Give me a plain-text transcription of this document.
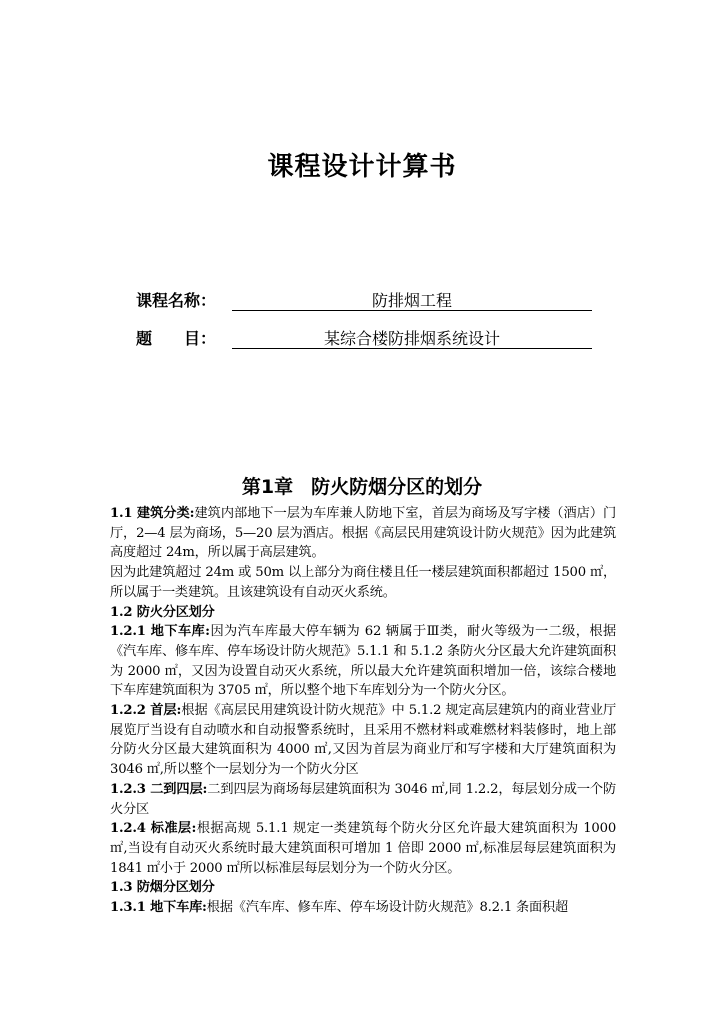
课程设计计算书
课程名称：	防排烟工程
题　　目：	某综合楼防排烟系统设计
第1章 防火防烟分区的划分

1.1 建筑分类:建筑内部地下一层为车库兼人防地下室，首层为商场及写字楼（酒店）门厅，2—4 层为商场，5—20 层为酒店。根据《高层民用建筑设计防火规范》因为此建筑高度超过 24m，所以属于高层建筑。

因为此建筑超过 24m 或 50m 以上部分为商住楼且任一楼层建筑面积都超过 1500 ㎡，所以属于一类建筑。且该建筑设有自动灭火系统。

1.2 防火分区划分

1.2.1 地下车库:因为汽车库最大停车辆为 62 辆属于Ⅲ类，耐火等级为一二级，根据《汽车库、修车库、停车场设计防火规范》5.1.1 和 5.1.2 条防火分区最大允许建筑面积为 2000 ㎡，又因为设置自动灭火系统，所以最大允许建筑面积增加一倍，该综合楼地下车库建筑面积为 3705 ㎡，所以整个地下车库划分为一个防火分区。

1.2.2 首层:根据《高层民用建筑设计防火规范》中 5.1.2 规定高层建筑内的商业营业厅展览厅当设有自动喷水和自动报警系统时，且采用不燃材料或难燃材料装修时，地上部分防火分区最大建筑面积为 4000 ㎡,又因为首层为商业厅和写字楼和大厅建筑面积为 3046 ㎡,所以整个一层划分为一个防火分区

1.2.3 二到四层:二到四层为商场每层建筑面积为 3046 ㎡,同 1.2.2，每层划分成一个防火分区

1.2.4 标准层:根据高规 5.1.1 规定一类建筑每个防火分区允许最大建筑面积为 1000 ㎡,当设有自动灭火系统时最大建筑面积可增加 1 倍即 2000 ㎡,标准层每层建筑面积为 1841 ㎡小于 2000 ㎡所以标准层每层划分为一个防火分区。

1.3 防烟分区划分

1.3.1 地下车库:根据《汽车库、修车库、停车场设计防火规范》8.2.1 条面积超
